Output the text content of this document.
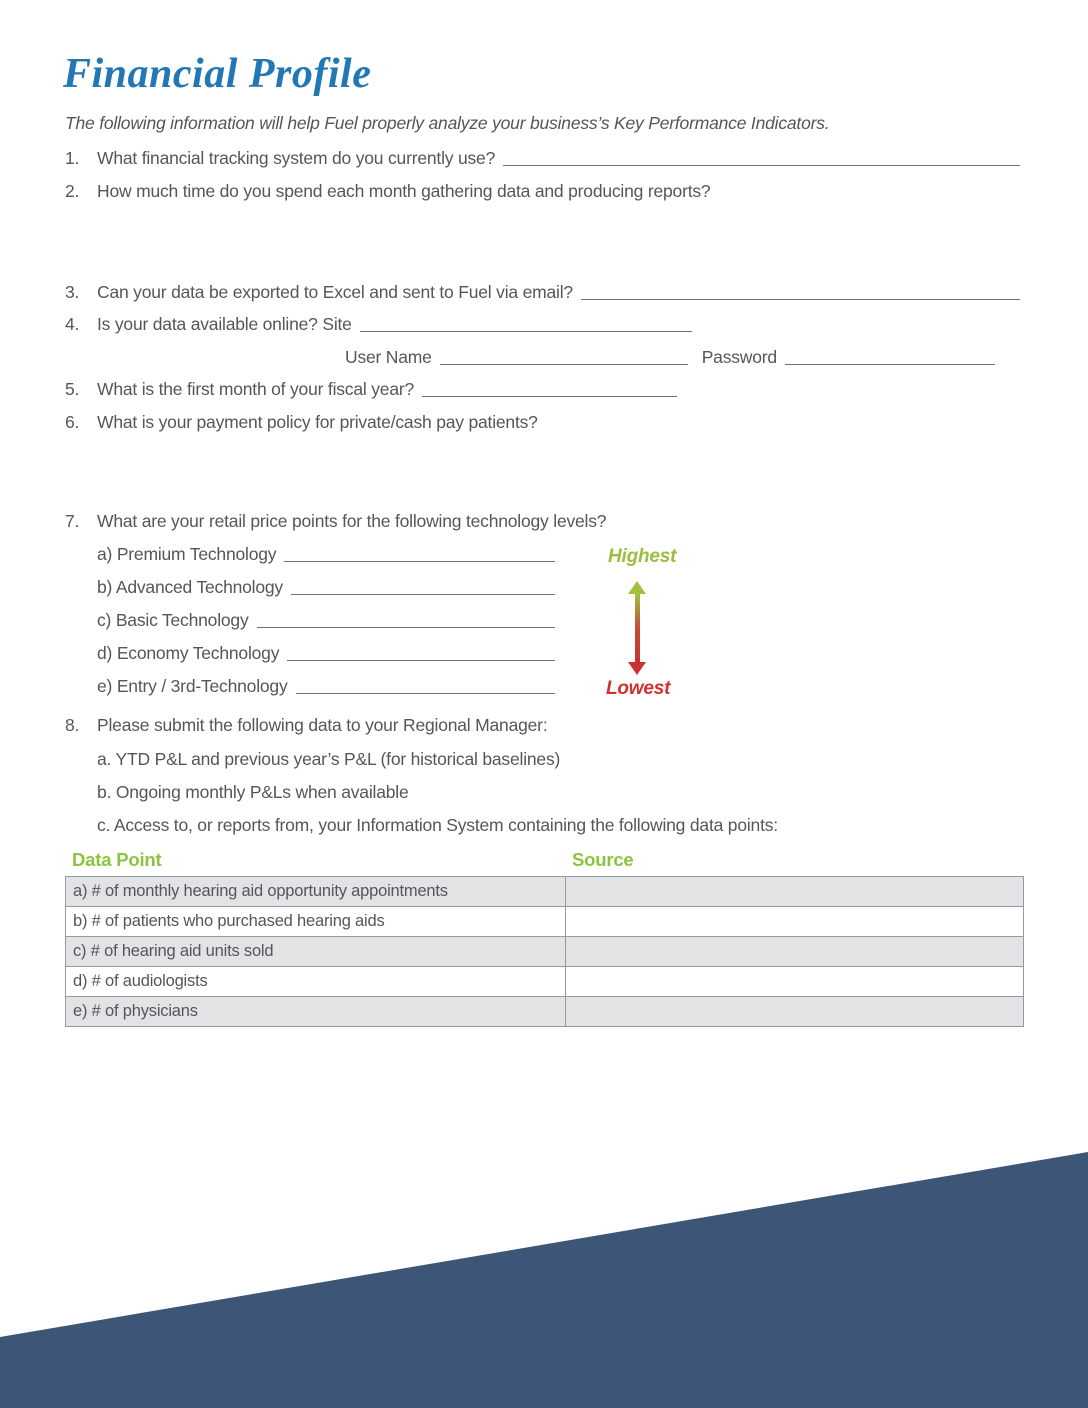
Financial Profile
The following information will help Fuel properly analyze your business’s Key Performance Indicators.
1.	What financial tracking system do you currently use?
2.	How much time do you spend each month gathering data and producing reports?
3.	Can your data be exported to Excel and sent to Fuel via email?
4.	Is your data available online? Site
User Name	Password
5.	What is the first month of your fiscal year?
6.	What is your payment policy for private/cash pay patients?
7.	What are your retail price points for the following technology levels?
a) Premium Technology
b) Advanced Technology
c) Basic Technology
d) Economy Technology
e) Entry / 3rd-Technology
Highest
Lowest
8.	Please submit the following data to your Regional Manager:
a. YTD P&L and previous year’s P&L (for historical baselines)
b. Ongoing monthly P&Ls when available
c. Access to, or reports from, your Information System containing the following data points:
Data Point	Source
a) # of monthly hearing aid opportunity appointments
b) # of patients who purchased hearing aids
c) # of hearing aid units sold
d) # of audiologists
e) # of physicians
